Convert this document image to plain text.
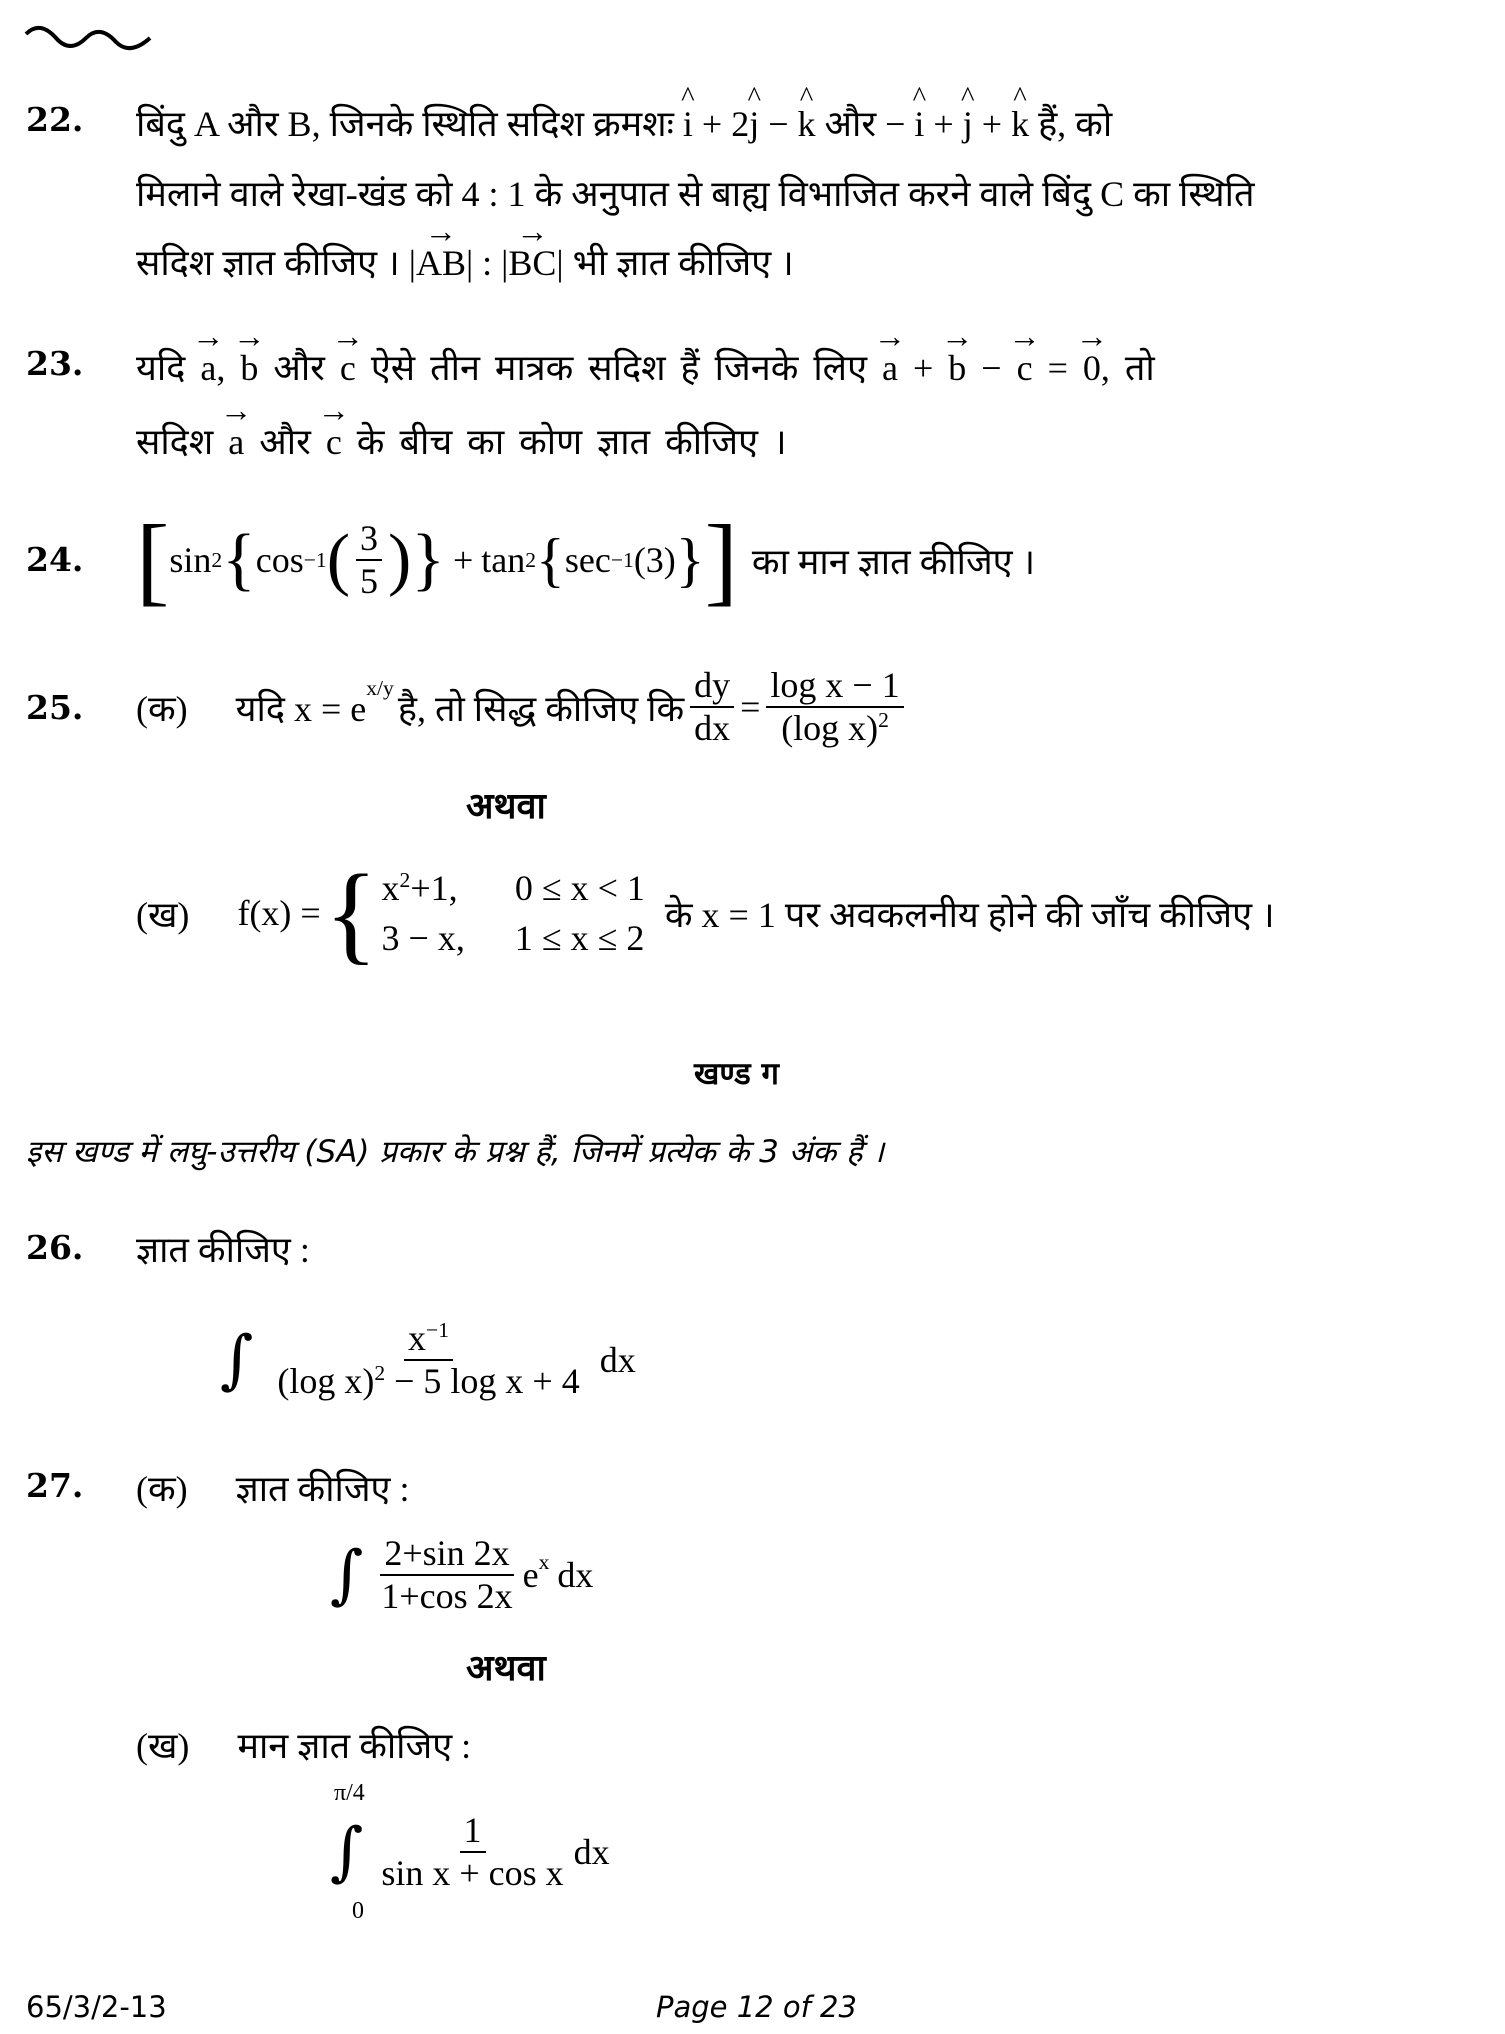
22. बिंदु A और B, जिनके स्थिति सदिश क्रमशः ^ i + 2^ j − ^ k और − ^ i + ^ j + ^ k हैं, को
मिलाने वाले रेखा-खंड को 4 : 1 के अनुपात से बाह्य विभाजित करने वाले बिंदु C का स्थिति
सदिश ज्ञात कीजिए । |→ AB| : |→ BC| भी ज्ञात कीजिए ।
23. यदि → a, → b और → c ऐसे तीन मात्रक सदिश हैं जिनके लिए → a + → b − → c = → 0, तो
सदिश → a और → c के बीच का कोण ज्ञात कीजिए ।
24. [ sin 2 { cos −1 ( $\frac{3}{5}$ ) } + tan 2 { sec −1 (3) } ] का मान ज्ञात कीजिए ।
25. (क) यदि x = e
$^{x/y}$
है, तो सिद्ध कीजिए कि $\frac{dy}{dx} = \frac{\text{log x − 1}}{(\log x)^2}$
अथवा
(ख) f(x) = { $x^2+1$, 0 ≤ x < 1
3 − x, 1 ≤ x ≤ 2
के x = 1 पर अवकलनीय होने की जाँच कीजिए ।
खण्ड ग
इस खण्ड में लघु-उत्तरीय (SA) प्रकार के प्रश्न हैं, जिनमें प्रत्येक के 3 अंक हैं ।
26. ज्ञात कीजिए :
∫ $\frac{x^{-1}}{(\log x)^2 - 5 \log x + 4}$ dx
27. (क) ज्ञात कीजिए :
∫ $\frac{2+\sin 2x}{1+\cos 2x} e^x$ dx
अथवा
(ख) मान ज्ञात कीजिए :
π/4
0
∫ $\frac{1}{\text{sin x + cos x}}$ dx
65/3/2-13	Page 12 of 23
